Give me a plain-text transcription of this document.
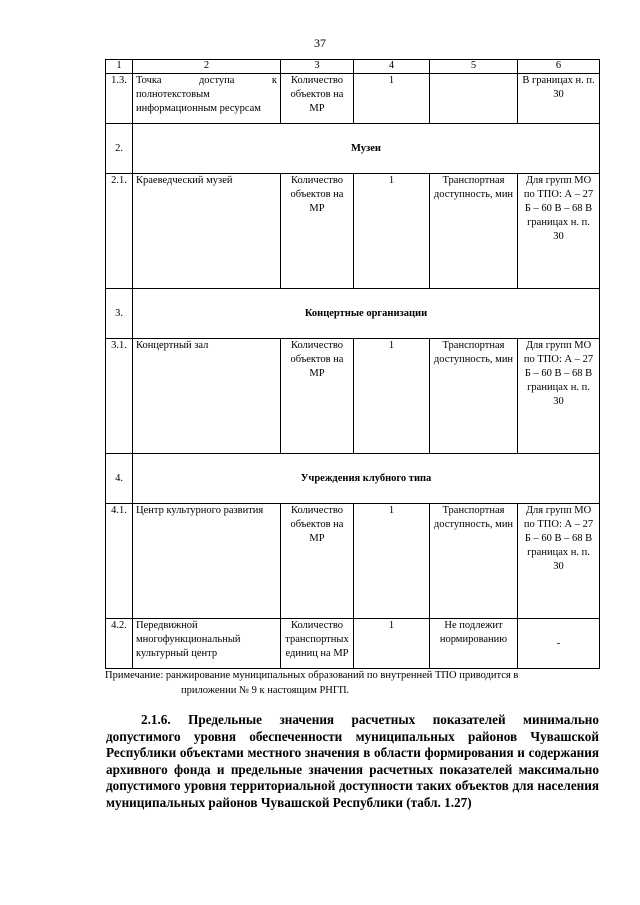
37
1	2	3	4	5	6
1.3.	Точка доступа к полнотекстовым информационным ресурсам	Количество объектов на МР	1		В границах н. п. 30
2.	Музеи				
2.1.	Краеведческий музей	Количество объектов на МР	1	Транспортная доступность, мин	Для групп МО по ТПО: А – 27 Б – 60 В – 68 В границах н. п. 30
3.	Концертные организации				
3.1.	Концертный зал	Количество объектов на МР	1	Транспортная доступность, мин	Для групп МО по ТПО: А – 27 Б – 60 В – 68 В границах н. п. 30
4.	Учреждения клубного типа				
4.1.	Центр культурного развития	Количество объектов на МР	1	Транспортная доступность, мин	Для групп МО по ТПО: А – 27 Б – 60 В – 68 В границах н. п. 30
4.2.	Передвижной многофункциональный культурный центр	Количество транспортных единиц на МР	1	Не подлежит нормированию	-
Примечание: ранжирование муниципальных образований по внутренней ТПО приводится в
приложении № 9 к настоящим РНГП.
2.1.6. Предельные значения расчетных показателей минимально допустимого уровня обеспеченности муниципальных районов Чувашской Республики объектами местного значения в области формирования и содержания архивного фонда и предельные значения расчетных показателей максимально допустимого уровня территориальной доступности таких объектов для населения муниципальных районов Чувашской Республики (табл. 1.27)
